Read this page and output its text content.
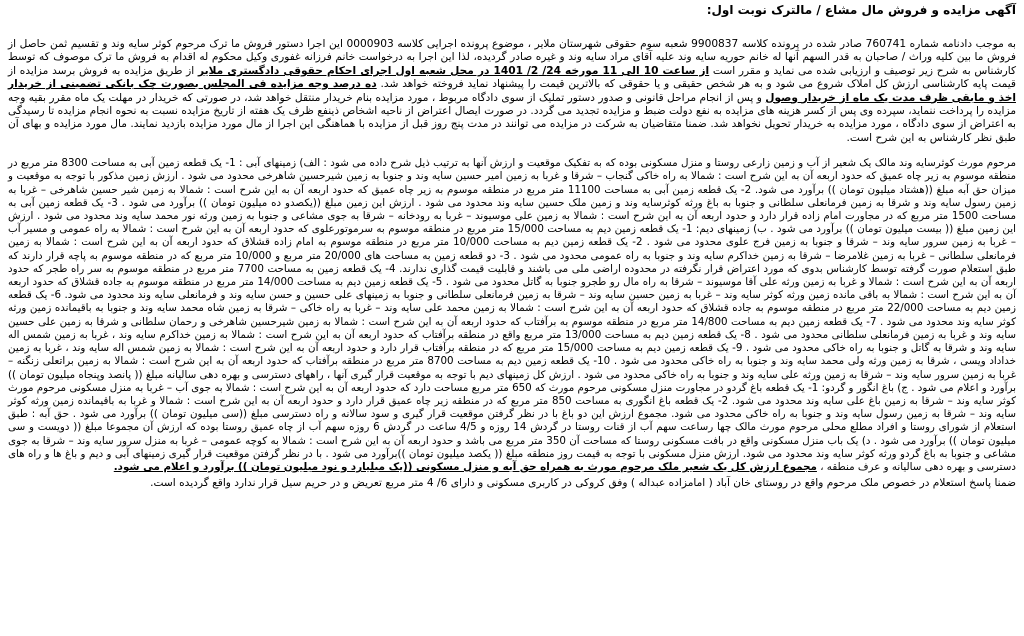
آگهی مزایده و فروش مال مشاع / مالترک نوبت اول:

به موجب دادنامه شماره 760741 صادر شده در پرونده کلاسه 9900837 شعبه سوم حقوقی شهرستان ملایر ، موضوع پرونده اجرایی کلاسه 0000903 این اجرا دستور فروش ما ترک مرحوم کوثر سایه وند و تقسیم ثمن حاصل از فروش ما بین کلیه وراث / صاحبان به قدر السهم آنها له خانم حوریه سایه وند علیه آقای مراد سایه وند و غیره صادر گردیده، لذا این اجرا به درخواست خانم فرزانه غفوری وکیل محکوم له اقدام به فروش ما ترک موصوف که توسط کارشناس به شرح زیر توصیف و ارزیابی شده می نماید و مقرر است از ساعت 10 الی 11 مورخه 24/ 2/ 1401 در محل شعبه اول اجرای احکام حقوقی دادگستری ملایر از طریق مزایده به فروش برسد مزایده از قیمت پایه کارشناسی ارزش کل املاک شروع می شود و به هر شخص حقیقی و یا حقوقی که بالاترین قیمت را پیشنهاد نماید فروخته خواهد شد. ده درصد وجه مزایده فی المجلس بصورت چک بانکی تضمینی از خریدار اخذ و مابقی ظرف مدت یک ماه از خریدار وصول و پس از انجام مراحل قانونی و صدور دستور تملیک از سوی دادگاه مربوط ، مورد مزایده بنام خریدار منتقل خواهد شد، در صورتی که خریدار در مهلت یک ماه مقرر بقیه وجه مزایده را پرداخت ننماید، سپرده وی پس از کسر هزینه های مزایده به نفع دولت ضبط و مزایده تجدید می گردد. در صورت ایصال اعتراض از ناحیه اشخاص ذینفع ظرف یک هفته از تاریخ مزایده نسبت به نحوه انجام مزایده تا رسیدگی به اعتراض از سوی دادگاه ، مورد مزایده به خریدار تحویل نخواهد شد. ضمنا متقاضیان به شرکت در مزایده می توانند در مدت پنج روز قبل از مزایده با هماهنگی این اجرا از مال مورد مزایده بازدید نمایند. مال مورد مزایده و بهای آن طبق نظر کارشناس به این شرح است.

مرحوم مورث کوثرسایه وند مالک یک شعیر از آب و زمین زارعی روستا و منزل مسکونی بوده که به تفکیک موقعیت و ارزش آنها به ترتیب ذیل شرح داده می شود : الف) زمینهای آبی : 1- یک قطعه زمین آبی به مساحت 8300 متر مربع در منطقه موسوم به زیر چاه عمیق که حدود اربعه آن به این شرح است : شمالا به راه خاکی گنجاب – شرقا و غربا به زمین امیر حسین سایه وند و جنوبا به زمین شیرحسین شاهرخی محدود می شود . ارزش زمین مذکور با توجه به موقعیت و میزان حق آبه مبلغ ((هشتاد میلیون تومان )) برآورد می شود. 2- یک قطعه زمین آبی به مساحت 11100 متر مربع در منطقه موسوم به زیر چاه عمیق که حدود اربعه آن به این شرح است : شمالا به زمین شیر حسین شاهرخی – غربا به زمین رسول سایه وند و شرقا به زمین فرمانعلی سلطانی و جنوبا به باغ ورثه کوثرسایه وند و زمین ملک حسین سایه وند محدود می شود . ارزش این زمین مبلغ ((یکصدو ده میلیون تومان )) برآورد می شود . 3- یک قطعه زمین آبی به مساحت 1500 متر مربع که در مجاورت امام زاده قرار دارد و حدود اربعه آن به این شرح است : شمالا به زمین علی موسیوند – غربا به رودخانه – شرقا به جوی مشاعی و جنوبا به زمین ورثه نور محمد سایه وند محدود می شود . ارزش این زمین مبلغ (( بیست میلیون تومان )) برآورد می شود . ب) زمینهای دیم: 1- یک قطعه زمین دیم به مساحت 15/000 متر مربع در منطقه موسوم به سرموتورعلوی که حدود اربعه آن به این شرح است : شمالا به راه عمومی و مسیر آب – غربا به زمین سرور سایه وند – شرقا و جنوبا به زمین فرج علوی محدود می شود . 2- یک قطعه زمین دیم به مساحت 10/000 متر مربع در منطقه موسوم به امام زاده قشلاق که حدود اربعه آن به این شرح است : شمالا به زمین فرمانعلی سلطانی – غربا به زمین غلامرضا – شرقا به زمین خداکرم سایه وند و جنوبا به راه عمومی محدود می شود . 3- دو قطعه زمین به مساحت های 20/000 متر مربع و 10/000 متر مربع که در منطقه موسوم به پاچه قرار دارند که طبق استعلام صورت گرفته توسط کارشناس بدوی که مورد اعتراض قرار نگرفته در محدوده اراضی ملی می باشند و قابلیت قیمت گذاری ندارند. 4- یک قطعه زمین به مساحت 7700 متر مربع در منطقه موسوم به سر راه طجر که حدود اربعه آن به این شرح است : شمالا و غربا به زمین ورثه علی آقا موسیوند – شرقا به راه مال رو طجرو جنوبا به گاتل محدود می شود . 5- یک قطعه زمین دیم به مساحت 14/000 متر مربع در منطقه موسوم به جاده قشلاق که حدود اربعه آن به این شرح است : شمالا به باقی مانده زمین ورثه کوثر سایه وند – غربا به زمین حسین سایه وند – شرقا به زمین فرمانعلی سلطانی و جنوبا به زمینهای علی حسین و حسن سایه وند و فرمانعلی سایه وند محدود می شود. 6- یک قطعه زمین دیم به مساحت 22/000 متر مربع در منطقه موسوم به جاده قشلاق که حدود اربعه آن به این شرح است : شمالا به زمین محمد علی سایه وند – غربا به راه خاکی – شرقا به زمین شاه محمد سایه وند و جنوبا به باقیمانده زمین ورثه کوثر سایه وند محدود می شود . 7- یک قطعه زمین دیم به مساحت 14/800 متر مربع در منطقه موسوم به برآفتاب که حدود اربعه آن به این شرح است : شمالا به زمین شیرحسین شاهرخی و رحمان سلطانی و شرقا به زمین علی حسین سایه وند و غربا به زمین فرمانعلی سلطانی محدود می شود . 8- یک قطعه زمین دیم به مساحت 13/000 متر مربع واقع در منطقه برآفتاب که حدود اربعه آن به این شرح است : شمالا به زمین خداکرم سایه وند ، غربا به زمین شمس اله سایه وند و شرقا به گاتل و جنوبا به راه خاکی محدود می شود . 9- یک قطعه زمین دیم به مساحت 15/000 متر مربع که در منطقه برآفتاب قرار دارد و حدود اربعه آن به این شرح است : شمالا به زمین شمس اله سایه وند ، غربا به زمین خداداد ویسی ، شرقا به زمین ورثه ولی محمد سایه وند و جنوبا به راه خاکی محدود می شود . 10- یک قطعه زمین دیم به مساحت 8700 متر مربع در منطقه برآفتاب که حدود اربعه آن به این شرح است : شمالا به زمین براتعلی زنگنه – غربا به زمین سرور سایه وند – شرقا به زمین ورثه علی سایه وند و جنوبا به راه خاکی محدود می شود . ارزش کل زمینهای دیم با توجه به موقعیت قرار گیری آنها ، راههای دسترسی و بهره دهی سالیانه مبلغ (( پانصد وپنجاه میلیون تومان )) برآورد و اعلام می شود . ج) باغ انگور و گردو: 1- یک قطعه باغ گردو در مجاورت منزل مسکونی مرحوم مورث که 650 متر مربع مساحت دارد که حدود اربعه آن به این شرح است : شمالا به جوی آب – غربا به منزل مسکونی مرحوم مورث کوثر سایه وند – شرقا به زمین باغ علی سایه وند محدود می شود. 2- یک قطعه باغ انگوری به مساحت 850 متر مربع که در منطقه زیر چاه عمیق قرار دارد و حدود اربعه آن به این شرح است : شمالا و غربا به باقیمانده زمین ورثه کوثر سایه وند – شرقا به زمین رسول سایه وند و جنوبا به راه خاکی محدود می شود. مجموع ارزش این دو باغ با در نظر گرفتن موقعیت قرار گیری و سود سالانه و راه دسترسی مبلغ ((سی میلیون تومان )) برآورد می شود . حق آبه : طبق استعلام از شورای روستا و افراد مطلع محلی مرحوم مورث مالک چها رساعت سهم آب از قنات روستا در گردش 14 روزه و 4/5 ساعت در گردش 6 روزه سهم آب از چاه عمیق روستا بوده که ارزش آن مجموعا مبلغ (( دویست و سی میلیون تومان )) برآورد می شود . د) یک باب منزل مسکونی واقع در بافت مسکونی روستا که مساحت آن 350 متر مربع می باشد و حدود اربعه آن به این شرح است : شمالا به کوچه عمومی – غربا به منزل سرور سایه وند – شرقا به جوی مشاعی و جنوبا به باغ گردو ورثه کوثر سایه وند محدود می شود. ارزش منزل مسکونی با توجه به قیمت روز منطقه مبلغ (( یکصد میلیون تومان ))برآورد می شود . با در نظر گرفتن موقعیت قرار گیری زمینهای آبی و دیم و باغ ها و راه های دسترسی و بهره دهی سالیانه و عرف منطقه ، مجموع ارزش کل یک شعیر ملک مرحوم مورث به همراه حق آبه و منزل مسکونی ((یک میلیارد و نود میلیون تومان )) برآورد و اعلام می شود.

ضمنا پاسخ استعلام در خصوص ملک مرحوم واقع در روستای خان آباد ( امامزاده عبداله ) وفق کروکی در کاربری مسکونی و دارای 6/ 4 متر مربع تعریض و در حریم سیل قرار ندارد واقع گردیده است.
